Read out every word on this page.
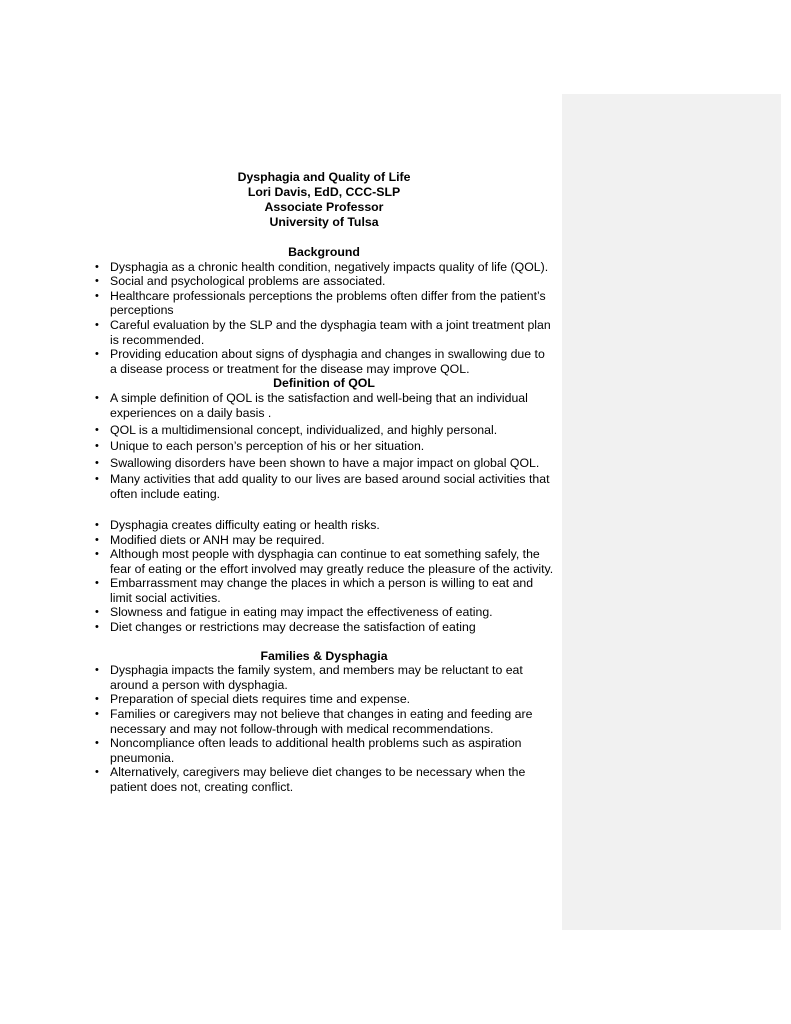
Dysphagia and Quality of Life
Lori Davis, EdD, CCC-SLP
Associate Professor
University of Tulsa
Background
• Dysphagia as a chronic health condition, negatively impacts quality of life (QOL).
• Social and psychological problems are associated.
• Healthcare professionals perceptions the problems often differ from the patient’s perceptions
• Careful evaluation by the SLP and the dysphagia team with a joint treatment plan is recommended.
• Providing education about signs of dysphagia and changes in swallowing due to a disease process or treatment for the disease may improve QOL.
Definition of QOL
• A simple definition of QOL is the satisfaction and well-being that an individual experiences on a daily basis .
• QOL is a multidimensional concept, individualized, and highly personal.
• Unique to each person’s perception of his or her situation.
• Swallowing disorders have been shown to have a major impact on global QOL.
• Many activities that add quality to our lives are based around social activities that often include eating.
• Dysphagia creates difficulty eating or health risks.
• Modified diets or ANH may be required.
• Although most people with dysphagia can continue to eat something safely, the fear of eating or the effort involved may greatly reduce the pleasure of the activity.
• Embarrassment may change the places in which a person is willing to eat and limit social activities.
• Slowness and fatigue in eating may impact the effectiveness of eating.
• Diet changes or restrictions may decrease the satisfaction of eating
Families & Dysphagia
• Dysphagia impacts the family system, and members may be reluctant to eat around a person with dysphagia.
• Preparation of special diets requires time and expense.
• Families or caregivers may not believe that changes in eating and feeding are necessary and may not follow-through with medical recommendations.
• Noncompliance often leads to additional health problems such as aspiration pneumonia.
• Alternatively, caregivers may believe diet changes to be necessary when the patient does not, creating conflict.
